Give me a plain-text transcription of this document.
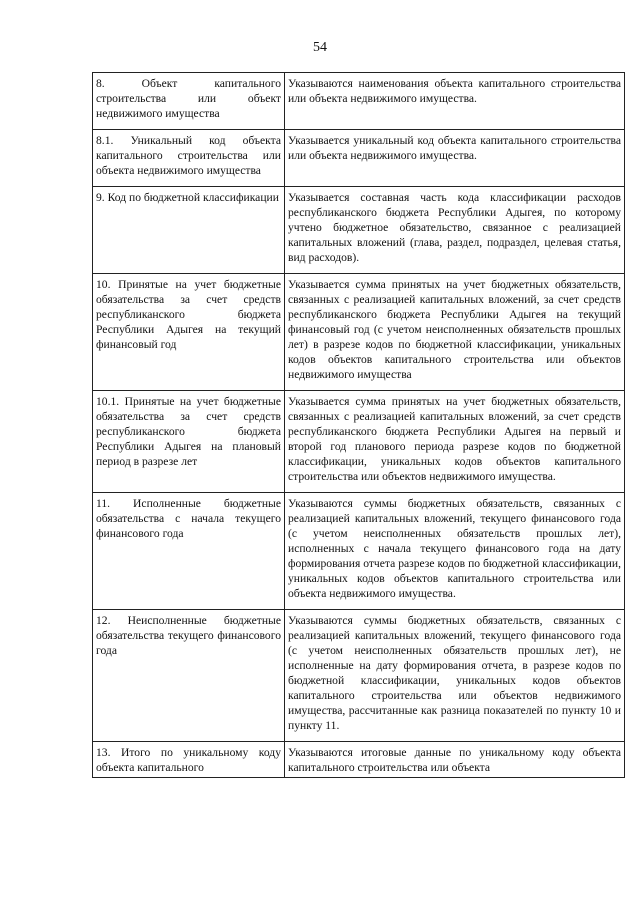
54
8. Объект капитального строительства или объект недвижимого имущества	Указываются наименования объекта капитального строительства или объекта недвижимого имущества.
8.1. Уникальный код объекта капитального строительства или объекта недвижимого имущества	Указывается уникальный код объекта капитального строительства или объекта недвижимого имущества.
9. Код по бюджетной классификации	Указывается составная часть кода классификации расходов республиканского бюджета Республики Адыгея, по которому учтено бюджетное обязательство, связанное с реализацией капитальных вложений (глава, раздел, подраздел, целевая статья, вид расходов).
10. Принятые на учет бюджетные обязательства за счет средств республиканского бюджета Республики Адыгея на текущий финансовый год	Указывается сумма принятых на учет бюджетных обязательств, связанных с реализацией капитальных вложений, за счет средств республиканского бюджета Республики Адыгея на текущий финансовый год (с учетом неисполненных обязательств прошлых лет) в разрезе кодов по бюджетной классификации, уникальных кодов объектов капитального строительства или объектов недвижимого имущества
10.1. Принятые на учет бюджетные обязательства за счет средств республиканского бюджета Республики Адыгея на плановый период в разрезе лет	Указывается сумма принятых на учет бюджетных обязательств, связанных с реализацией капитальных вложений, за счет средств республиканского бюджета Республики Адыгея на первый и второй год планового периода разрезе кодов по бюджетной классификации, уникальных кодов объектов капитального строительства или объектов недвижимого имущества.
11. Исполненные бюджетные обязательства с начала текущего финансового года	Указываются суммы бюджетных обязательств, связанных с реализацией капитальных вложений, текущего финансового года (с учетом неисполненных обязательств прошлых лет), исполненных с начала текущего финансового года на дату формирования отчета разрезе кодов по бюджетной классификации, уникальных кодов объектов капитального строительства или объекта недвижимого имущества.
12. Неисполненные бюджетные обязательства текущего финансового года	Указываются суммы бюджетных обязательств, связанных с реализацией капитальных вложений, текущего финансового года (с учетом неисполненных обязательств прошлых лет), не исполненные на дату формирования отчета, в разрезе кодов по бюджетной классификации, уникальных кодов объектов капитального строительства или объектов недвижимого имущества, рассчитанные как разница показателей по пункту 10 и пункту 11.
13. Итого по уникальному коду объекта капитального	Указываются итоговые данные по уникальному коду объекта капитального строительства или объекта
